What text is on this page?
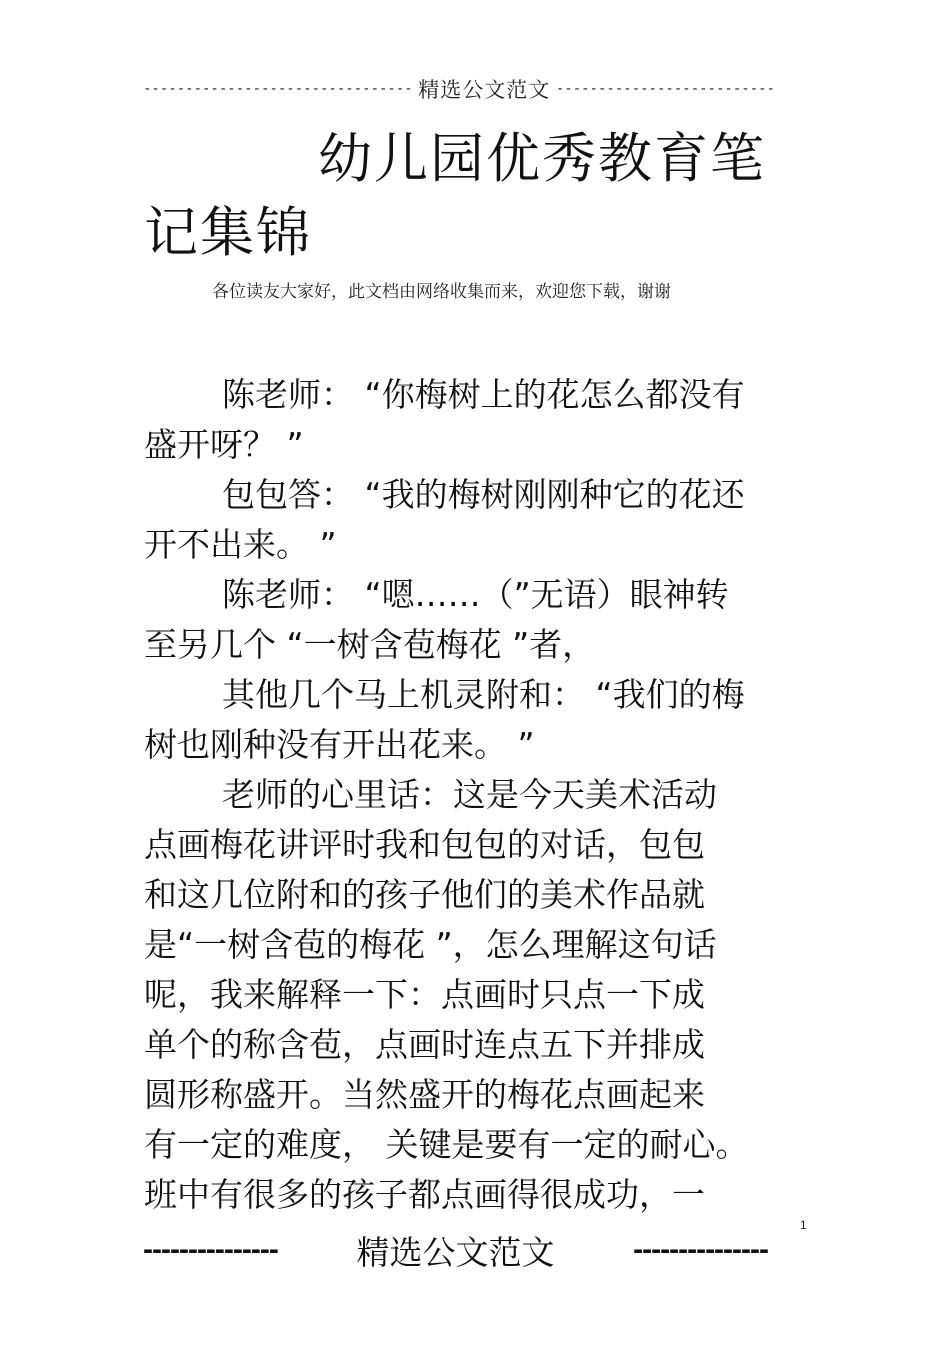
-------------------------------- 精选公文范文 --------------------------
幼儿园优秀教育笔
记集锦
各位读友大家好，此文档由网络收集而来，欢迎您下载，谢谢
陈老师： “你梅树上的花怎么都没有
盛开呀？ ”
包包答： “我的梅树刚刚种它的花还
开不出来。 ”
陈老师： “嗯……（”无语）眼神转
至另几个 “一树含苞梅花 ”者，
其他几个马上机灵附和： “我们的梅
树也刚种没有开出花来。 ”
老师的心里话：这是今天美术活动
点画梅花讲评时我和包包的对话，包包
和这几位附和的孩子他们的美术作品就
是“一树含苞的梅花 ”，怎么理解这句话
呢，我来解释一下：点画时只点一下成
单个的称含苞，点画时连点五下并排成
圆形称盛开。当然盛开的梅花点画起来
有一定的难度， 关键是要有一定的耐心。
班中有很多的孩子都点画得很成功，一
1
--------------- 精选公文范文	---------------
